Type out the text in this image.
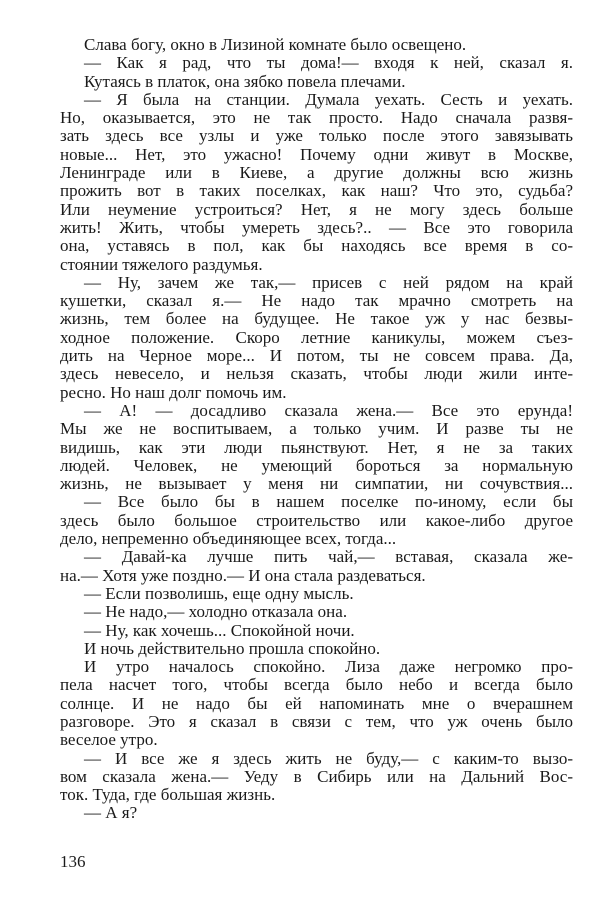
Слава богу, окно в Лизиной комнате было освещено.
— Как я рад, что ты дома!— входя к ней, сказал я.
Кутаясь в платок, она зябко повела плечами.
— Я была на станции. Думала уехать. Сесть и уехать.
Но, оказывается, это не так просто. Надо сначала развя-
зать здесь все узлы и уже только после этого завязывать
новые... Нет, это ужасно! Почему одни живут в Москве,
Ленинграде или в Киеве, а другие должны всю жизнь
прожить вот в таких поселках, как наш? Что это, судьба?
Или неумение устроиться? Нет, я не могу здесь больше
жить! Жить, чтобы умереть здесь?.. — Все это говорила
она, уставясь в пол, как бы находясь все время в со-
стоянии тяжелого раздумья.
— Ну, зачем же так,— присев с ней рядом на край
кушетки, сказал я.— Не надо так мрачно смотреть на
жизнь, тем более на будущее. Не такое уж у нас безвы-
ходное положение. Скоро летние каникулы, можем съез-
дить на Черное море... И потом, ты не совсем права. Да,
здесь невесело, и нельзя сказать, чтобы люди жили инте-
ресно. Но наш долг помочь им.
— А! — досадливо сказала жена.— Все это ерунда!
Мы же не воспитываем, а только учим. И разве ты не
видишь, как эти люди пьянствуют. Нет, я не за таких
людей. Человек, не умеющий бороться за нормальную
жизнь, не вызывает у меня ни симпатии, ни сочувствия...
— Все было бы в нашем поселке по-иному, если бы
здесь было большое строительство или какое-либо другое
дело, непременно объединяющее всех, тогда...
— Давай-ка лучше пить чай,— вставая, сказала же-
на.— Хотя уже поздно.— И она стала раздеваться.
— Если позволишь, еще одну мысль.
— Не надо,— холодно отказала она.
— Ну, как хочешь... Спокойной ночи.
И ночь действительно прошла спокойно.
И утро началось спокойно. Лиза даже негромко про-
пела насчет того, чтобы всегда было небо и всегда было
солнце. И не надо бы ей напоминать мне о вчерашнем
разговоре. Это я сказал в связи с тем, что уж очень было
веселое утро.
— И все же я здесь жить не буду,— с каким-то вызо-
вом сказала жена.— Уеду в Сибирь или на Дальний Вос-
ток. Туда, где большая жизнь.
— А я?
136
